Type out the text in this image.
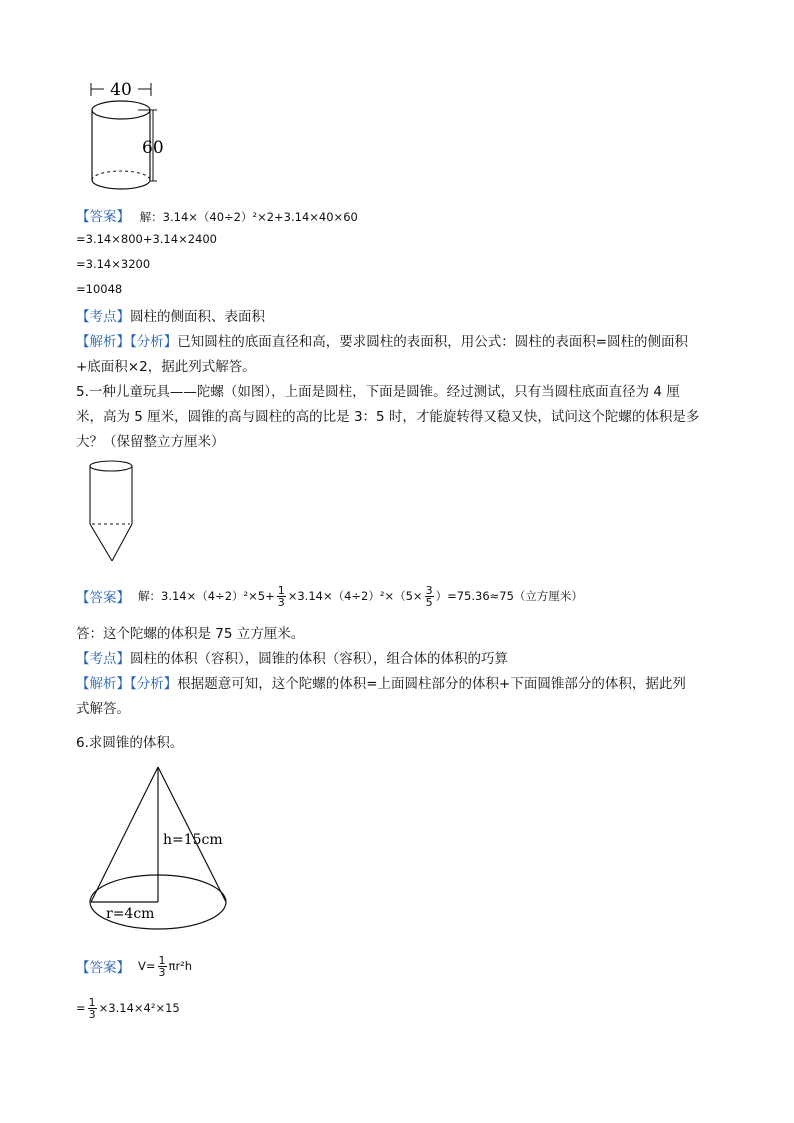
40
60
【答案】 解：3.14×（40÷2）²×2+3.14×40×60
=3.14×800+3.14×2400
=3.14×3200
=10048
【考点】圆柱的侧面积、表面积
【解析】【分析】已知圆柱的底面直径和高，要求圆柱的表面积，用公式：圆柱的表面积=圆柱的侧面积
+底面积×2，据此列式解答。
5.一种儿童玩具——陀螺（如图），上面是圆柱，下面是圆锥。经过测试，只有当圆柱底面直径为 4 厘
米，高为 5 厘米，圆锥的高与圆柱的高的比是 3：5 时，才能旋转得又稳又快，试问这个陀螺的体积是多
大？（保留整立方厘米）
【答案】 解：$3.14\times(4\div 2)^2\times 5+ \frac{1}{3} \times 3.14\times(4\div 2)^2\times(5\times \frac{3}{5} )=75.36\approx 75$（立方厘米）
答：这个陀螺的体积是 75 立方厘米。
【考点】圆柱的体积（容积），圆锥的体积（容积），组合体的体积的巧算
【解析】【分析】根据题意可知，这个陀螺的体积=上面圆柱部分的体积+下面圆锥部分的体积，据此列
式解答。
6.求圆锥的体积。
h=15cm
r=4cm
【答案】 $V= \frac{1}{3} \pi r^2h$
= $\frac{1}{3} \times 3.14\times 4^2\times 15$
